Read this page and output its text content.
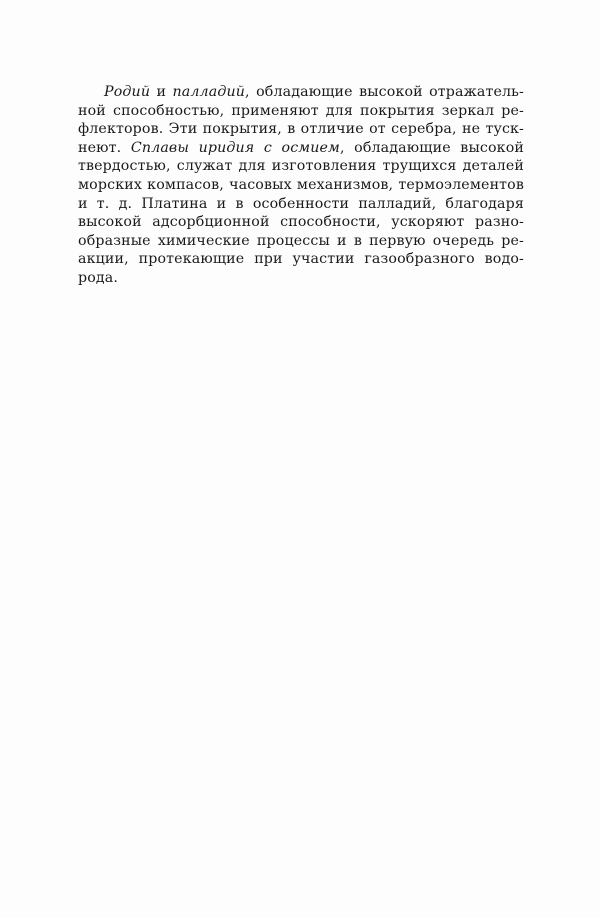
Родий и палладий, обладающие высокой отражатель-
ной способностью, применяют для покрытия зеркал ре-
флекторов. Эти покрытия, в отличие от серебра, не туск-
неют. Сплавы иридия с осмием, обладающие высокой
твердостью, служат для изготовления трущихся деталей
морских компасов, часовых механизмов, термоэлементов
и т. д. Платина и в особенности палладий, благодаря
высокой адсорбционной способности, ускоряют разно-
образные химические процессы и в первую очередь ре-
акции, протекающие при участии газообразного водо-
рода.
